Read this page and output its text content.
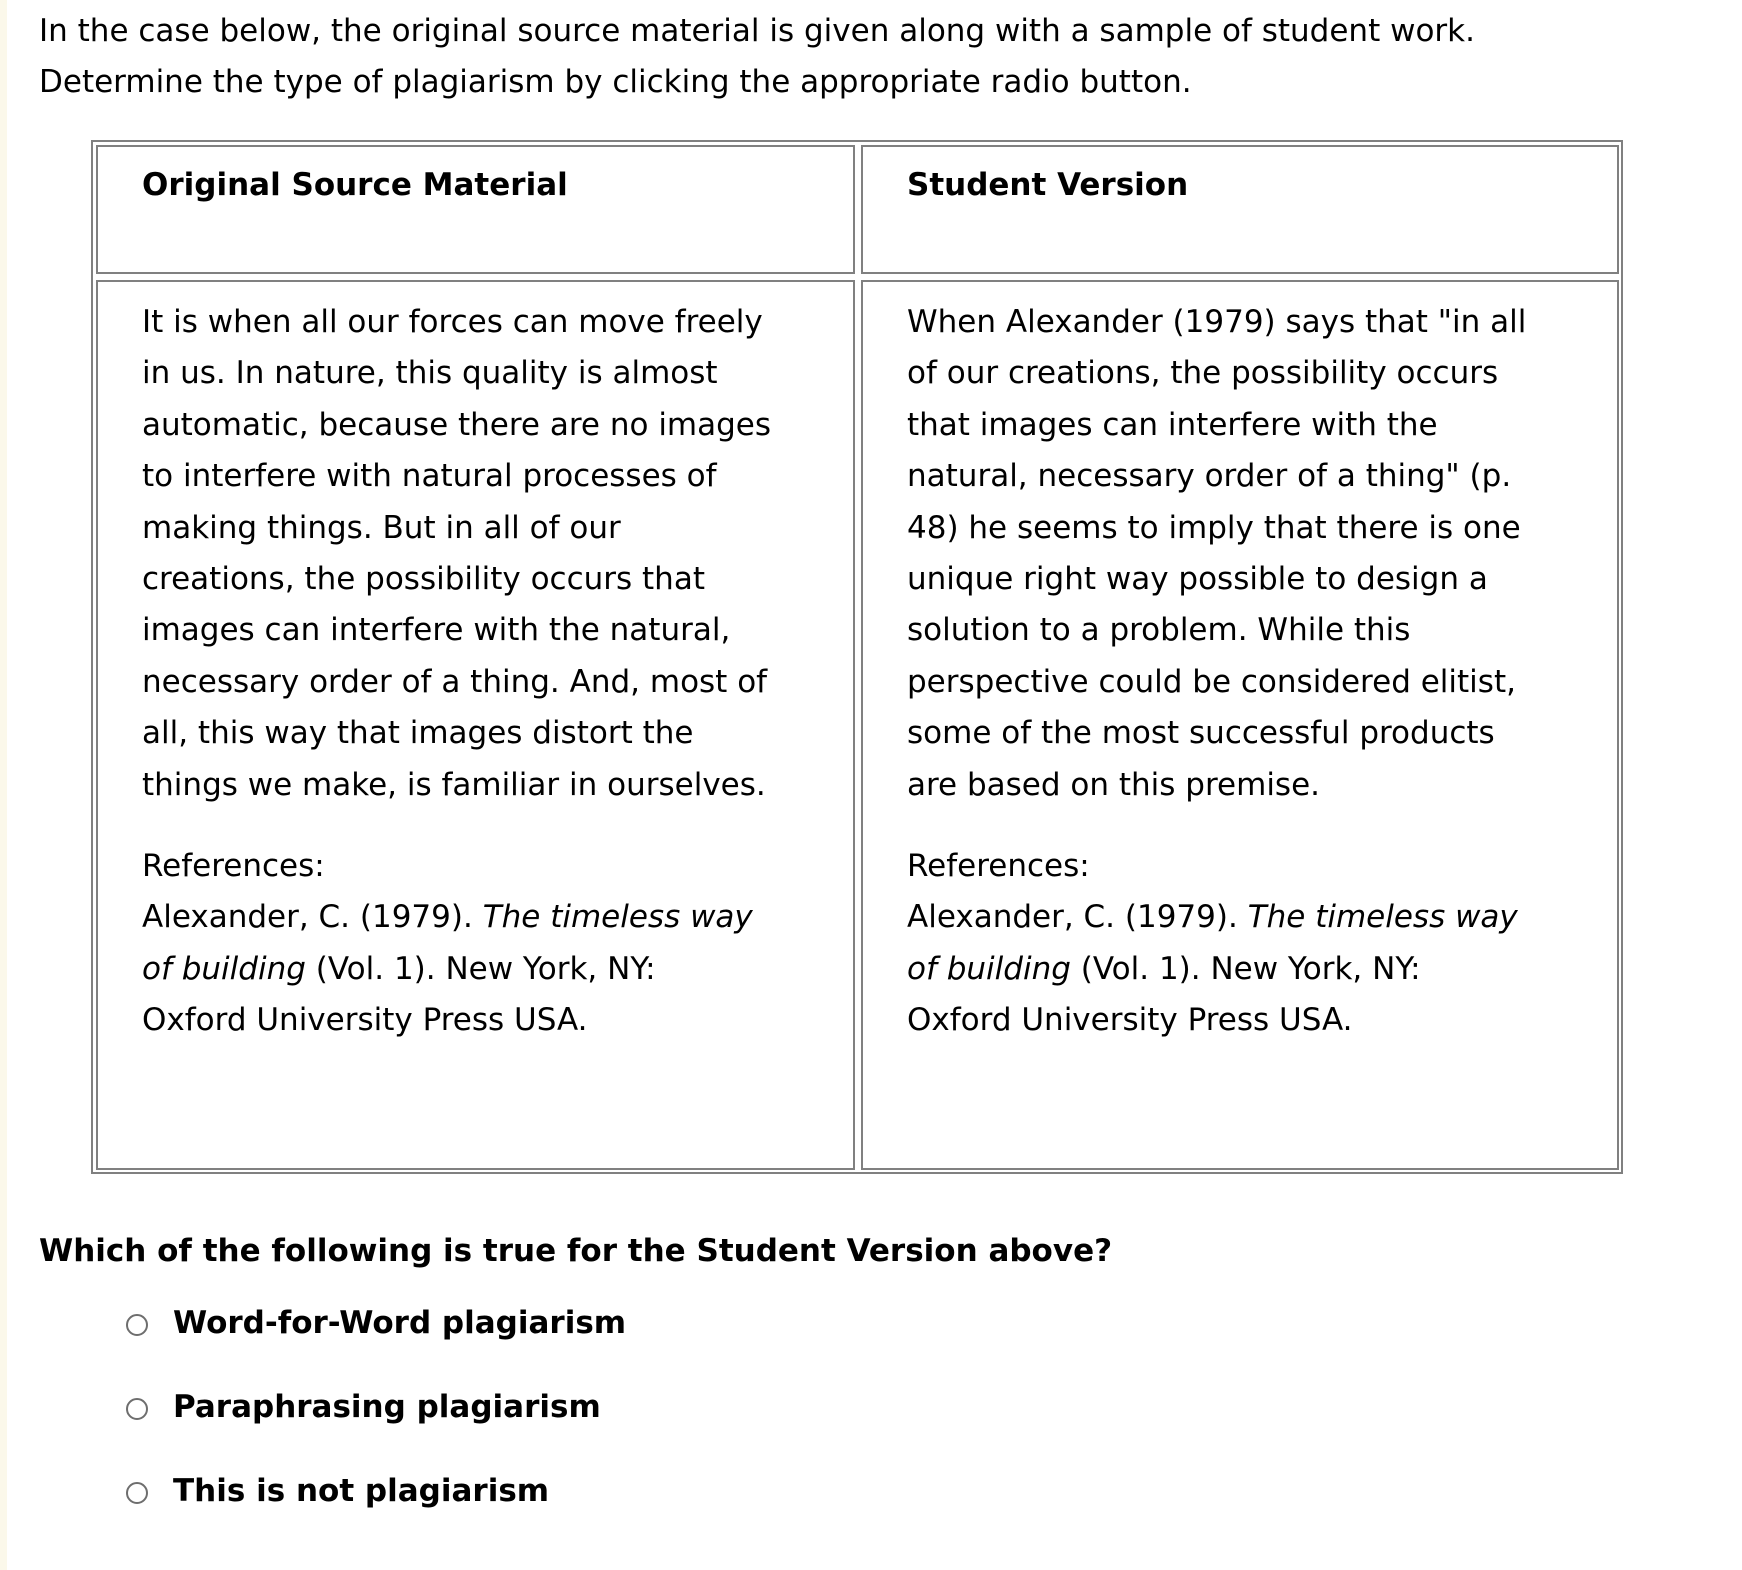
In the case below, the original source material is given along with a sample of student work.
Determine the type of plagiarism by clicking the appropriate radio button.

Original Source Material	Student Version

It is when all our forces can move freely
in us. In nature, this quality is almost
automatic, because there are no images
to interfere with natural processes of
making things. But in all of our
creations, the possibility occurs that
images can interfere with the natural,
necessary order of a thing. And, most of
all, this way that images distort the
things we make, is familiar in ourselves.

References:
Alexander, C. (1979). The timeless way
of building (Vol. 1). New York, NY:
Oxford University Press USA.

When Alexander (1979) says that "in all
of our creations, the possibility occurs
that images can interfere with the
natural, necessary order of a thing" (p.
48) he seems to imply that there is one
unique right way possible to design a
solution to a problem. While this
perspective could be considered elitist,
some of the most successful products
are based on this premise.

References:
Alexander, C. (1979). The timeless way
of building (Vol. 1). New York, NY:
Oxford University Press USA.

Which of the following is true for the Student Version above?

Word-for-Word plagiarism
Paraphrasing plagiarism
This is not plagiarism
